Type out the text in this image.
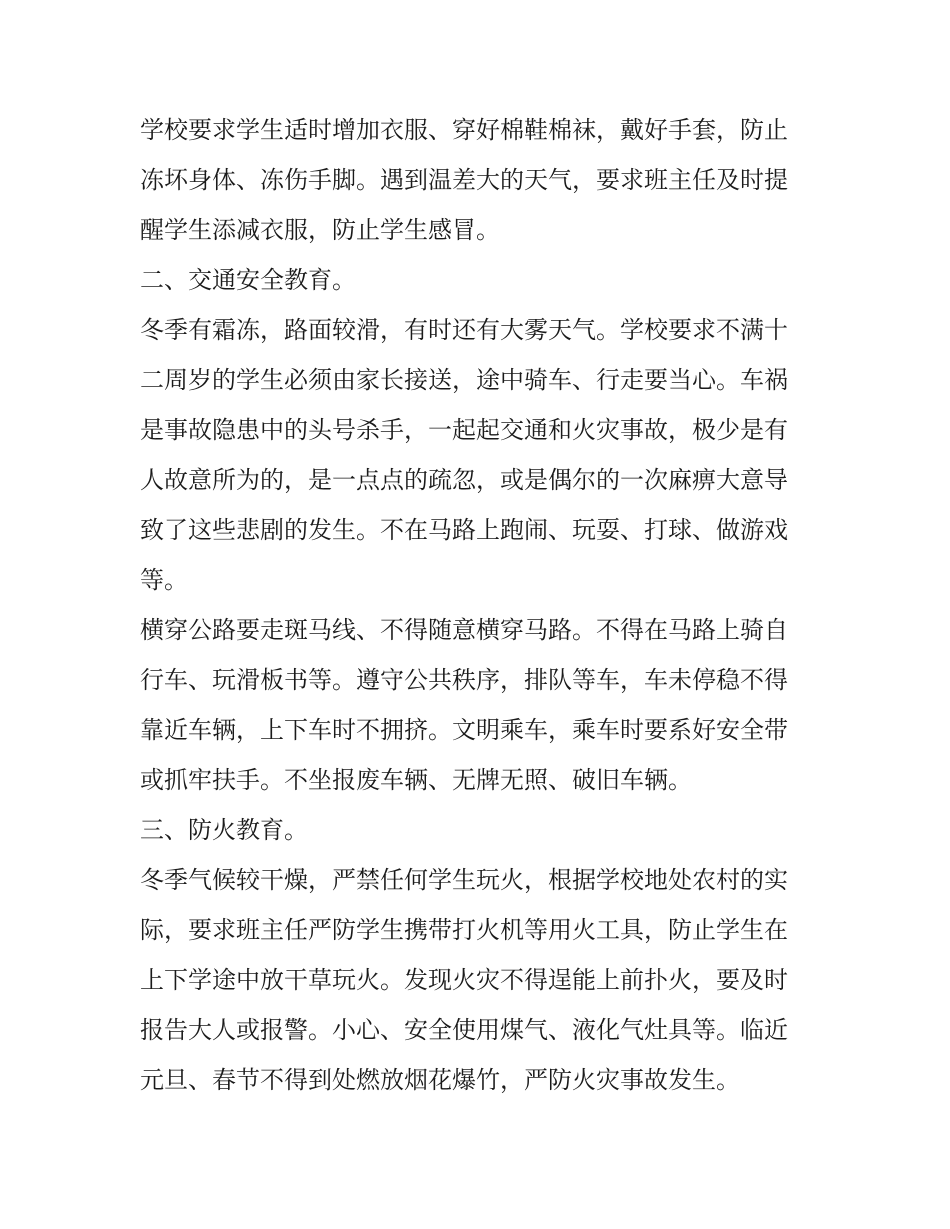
学校要求学生适时增加衣服、穿好棉鞋棉袜，戴好手套，防止

冻坏身体、冻伤手脚。遇到温差大的天气，要求班主任及时提

醒学生添减衣服，防止学生感冒。

二、交通安全教育。

冬季有霜冻，路面较滑，有时还有大雾天气。学校要求不满十

二周岁的学生必须由家长接送，途中骑车、行走要当心。车祸

是事故隐患中的头号杀手，一起起交通和火灾事故，极少是有

人故意所为的，是一点点的疏忽，或是偶尔的一次麻痹大意导

致了这些悲剧的发生。不在马路上跑闹、玩耍、打球、做游戏

等。

横穿公路要走斑马线、不得随意横穿马路。不得在马路上骑自

行车、玩滑板书等。遵守公共秩序，排队等车，车未停稳不得

靠近车辆，上下车时不拥挤。文明乘车，乘车时要系好安全带

或抓牢扶手。不坐报废车辆、无牌无照、破旧车辆。

三、防火教育。

冬季气候较干燥，严禁任何学生玩火，根据学校地处农村的实

际，要求班主任严防学生携带打火机等用火工具，防止学生在

上下学途中放干草玩火。发现火灾不得逞能上前扑火，要及时

报告大人或报警。小心、安全使用煤气、液化气灶具等。临近

元旦、春节不得到处燃放烟花爆竹，严防火灾事故发生。
